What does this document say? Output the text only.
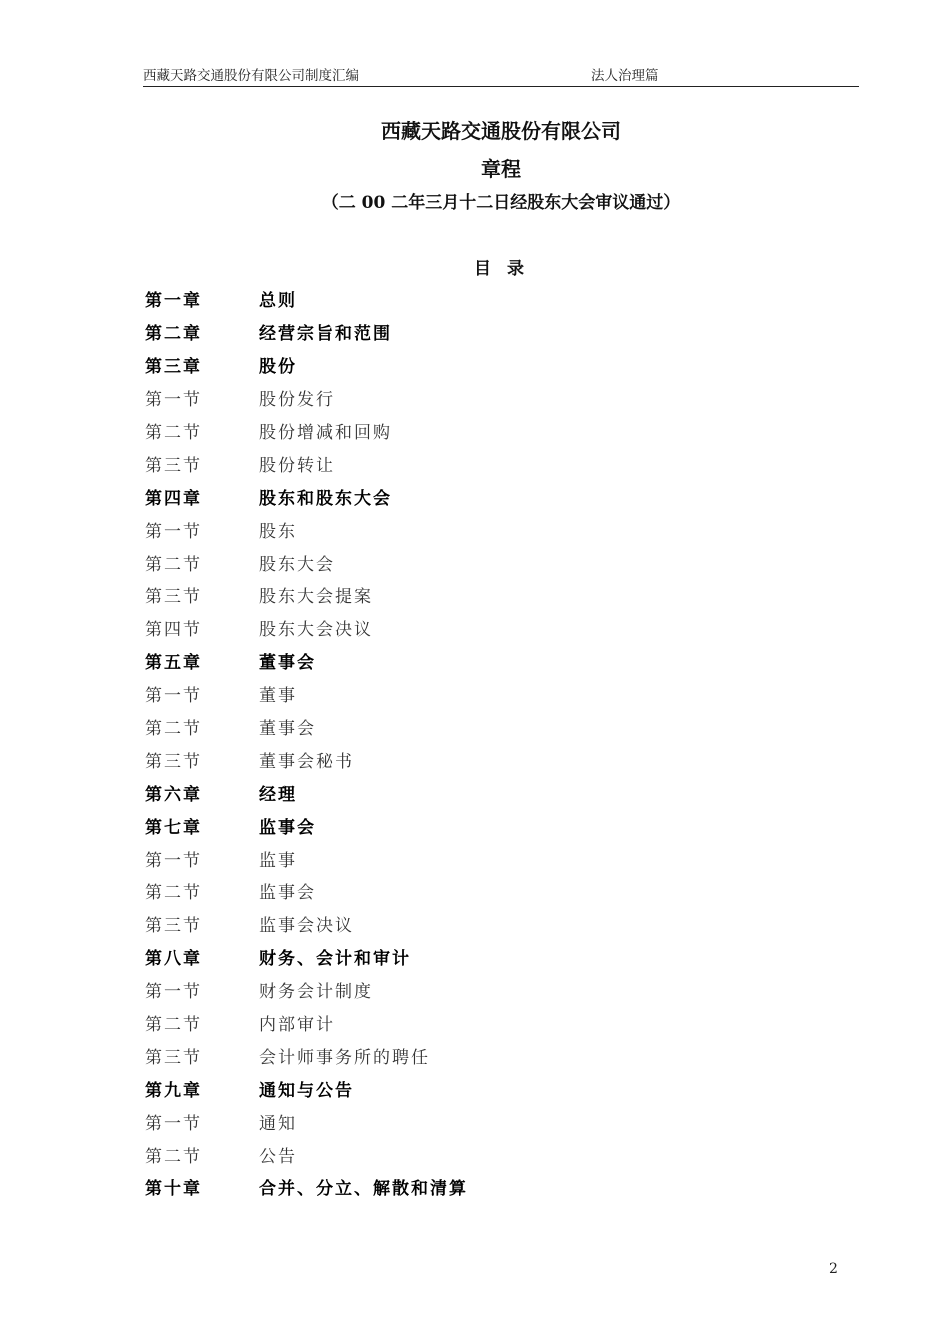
西藏天路交通股份有限公司制度汇编	法人治理篇
西藏天路交通股份有限公司
章程
（二 00 二年三月十二日经股东大会审议通过）
目录
第一章	总则
第二章	经营宗旨和范围
第三章	股份
第一节	股份发行
第二节	股份增减和回购
第三节	股份转让
第四章	股东和股东大会
第一节	股东
第二节	股东大会
第三节	股东大会提案
第四节	股东大会决议
第五章	董事会
第一节	董事
第二节	董事会
第三节	董事会秘书
第六章	经理
第七章	监事会
第一节	监事
第二节	监事会
第三节	监事会决议
第八章	财务、会计和审计
第一节	财务会计制度
第二节	内部审计
第三节	会计师事务所的聘任
第九章	通知与公告
第一节	通知
第二节	公告
第十章	合并、分立、解散和清算
2
